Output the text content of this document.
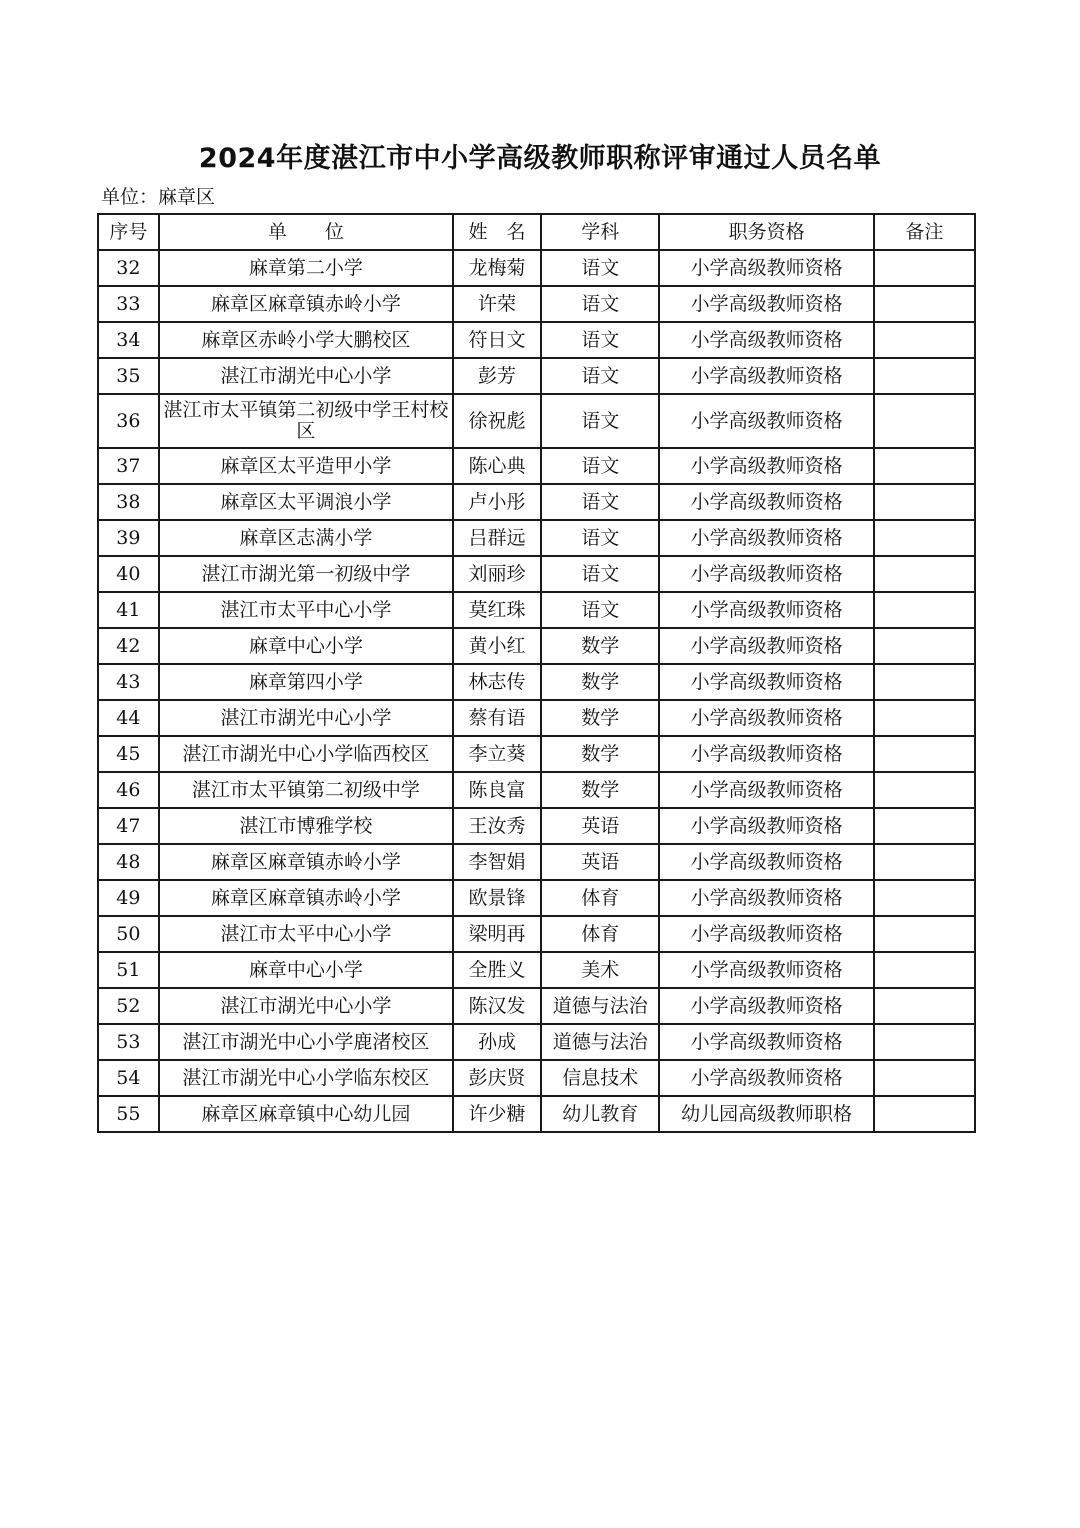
2024年度湛江市中小学高级教师职称评审通过人员名单
单位：麻章区
序号	单　　位	姓　名	学科	职务资格	备注
32	麻章第二小学	龙梅菊	语文	小学高级教师资格	
33	麻章区麻章镇赤岭小学	许荣	语文	小学高级教师资格	
34	麻章区赤岭小学大鹏校区	符日文	语文	小学高级教师资格	
35	湛江市湖光中心小学	彭芳	语文	小学高级教师资格	
36	湛江市太平镇第二初级中学王村校区	徐祝彪	语文	小学高级教师资格	
37	麻章区太平造甲小学	陈心典	语文	小学高级教师资格	
38	麻章区太平调浪小学	卢小彤	语文	小学高级教师资格	
39	麻章区志满小学	吕群远	语文	小学高级教师资格	
40	湛江市湖光第一初级中学	刘丽珍	语文	小学高级教师资格	
41	湛江市太平中心小学	莫红珠	语文	小学高级教师资格	
42	麻章中心小学	黄小红	数学	小学高级教师资格	
43	麻章第四小学	林志传	数学	小学高级教师资格	
44	湛江市湖光中心小学	蔡有语	数学	小学高级教师资格	
45	湛江市湖光中心小学临西校区	李立葵	数学	小学高级教师资格	
46	湛江市太平镇第二初级中学	陈良富	数学	小学高级教师资格	
47	湛江市博雅学校	王汝秀	英语	小学高级教师资格	
48	麻章区麻章镇赤岭小学	李智娟	英语	小学高级教师资格	
49	麻章区麻章镇赤岭小学	欧景锋	体育	小学高级教师资格	
50	湛江市太平中心小学	梁明再	体育	小学高级教师资格	
51	麻章中心小学	全胜义	美术	小学高级教师资格	
52	湛江市湖光中心小学	陈汉发	道德与法治	小学高级教师资格	
53	湛江市湖光中心小学鹿渚校区	孙成	道德与法治	小学高级教师资格	
54	湛江市湖光中心小学临东校区	彭庆贤	信息技术	小学高级教师资格	
55	麻章区麻章镇中心幼儿园	许少糖	幼儿教育	幼儿园高级教师职格	
